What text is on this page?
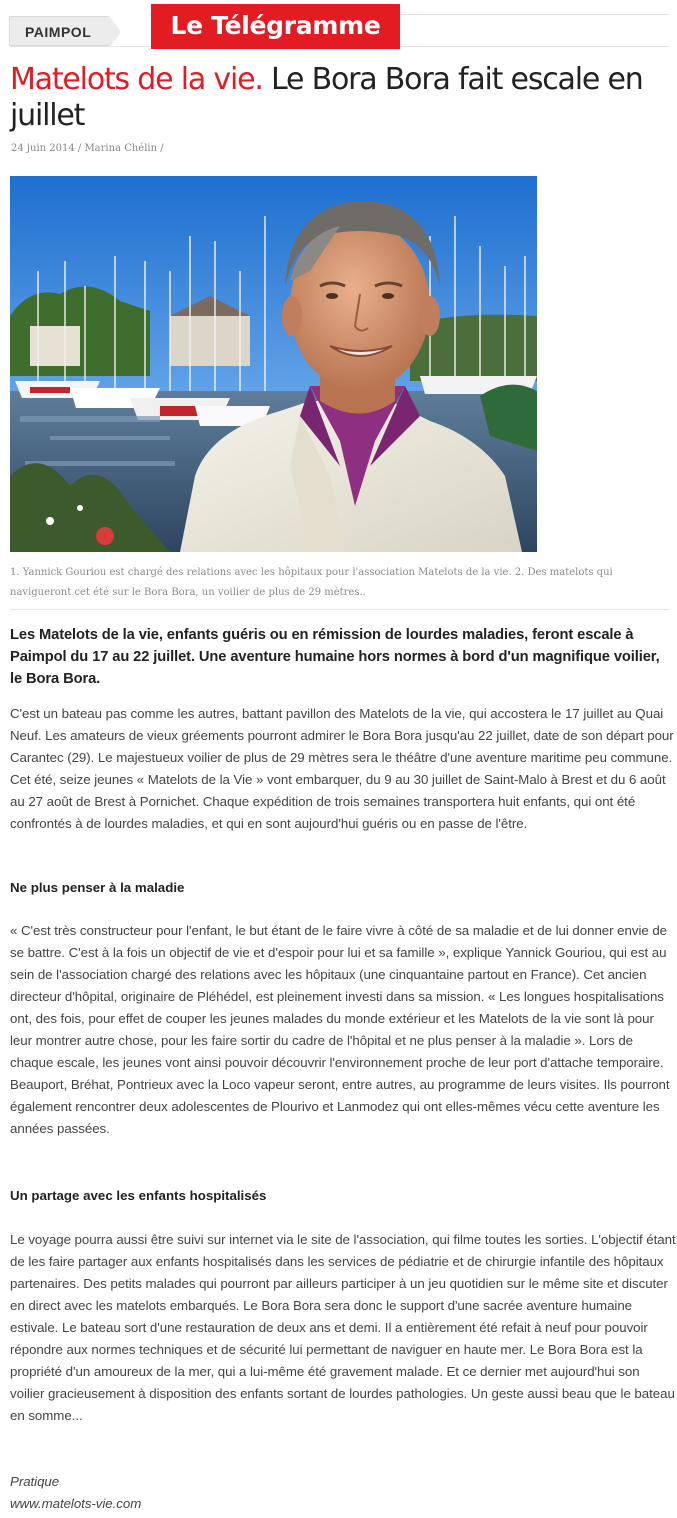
PAIMPOL	Le Télégramme
Matelots de la vie. Le Bora Bora fait escale en juillet
24 juin 2014 / Marina Chélin /

1. Yannick Gouriou est chargé des relations avec les hôpitaux pour l'association Matelots de la vie. 2. Des matelots qui navigueront cet été sur le Bora Bora, un voilier de plus de 29 mètres..

Les Matelots de la vie, enfants guéris ou en rémission de lourdes maladies, feront escale à Paimpol du 17 au 22 juillet. Une aventure humaine hors normes à bord d'un magnifique voilier, le Bora Bora.

C'est un bateau pas comme les autres, battant pavillon des Matelots de la vie, qui accostera le 17 juillet au Quai Neuf. Les amateurs de vieux gréements pourront admirer le Bora Bora jusqu'au 22 juillet, date de son départ pour Carantec (29). Le majestueux voilier de plus de 29 mètres sera le théâtre d'une aventure maritime peu commune. Cet été, seize jeunes « Matelots de la Vie » vont embarquer, du 9 au 30 juillet de Saint-Malo à Brest et du 6 août au 27 août de Brest à Pornichet. Chaque expédition de trois semaines transportera huit enfants, qui ont été confrontés à de lourdes maladies, et qui en sont aujourd'hui guéris ou en passe de l'être.

Ne plus penser à la maladie

« C'est très constructeur pour l'enfant, le but étant de le faire vivre à côté de sa maladie et de lui donner envie de se battre. C'est à la fois un objectif de vie et d'espoir pour lui et sa famille », explique Yannick Gouriou, qui est au sein de l'association chargé des relations avec les hôpitaux (une cinquantaine partout en France). Cet ancien directeur d'hôpital, originaire de Pléhédel, est pleinement investi dans sa mission. « Les longues hospitalisations ont, des fois, pour effet de couper les jeunes malades du monde extérieur et les Matelots de la vie sont là pour leur montrer autre chose, pour les faire sortir du cadre de l'hôpital et ne plus penser à la maladie ». Lors de chaque escale, les jeunes vont ainsi pouvoir découvrir l'environnement proche de leur port d'attache temporaire. Beauport, Bréhat, Pontrieux avec la Loco vapeur seront, entre autres, au programme de leurs visites. Ils pourront également rencontrer deux adolescentes de Plourivo et Lanmodez qui ont elles-mêmes vécu cette aventure les années passées.

Un partage avec les enfants hospitalisés

Le voyage pourra aussi être suivi sur internet via le site de l'association, qui filme toutes les sorties. L'objectif étant de les faire partager aux enfants hospitalisés dans les services de pédiatrie et de chirurgie infantile des hôpitaux partenaires. Des petits malades qui pourront par ailleurs participer à un jeu quotidien sur le même site et discuter en direct avec les matelots embarqués. Le Bora Bora sera donc le support d'une sacrée aventure humaine estivale. Le bateau sort d'une restauration de deux ans et demi. Il a entièrement été refait à neuf pour pouvoir répondre aux normes techniques et de sécurité lui permettant de naviguer en haute mer. Le Bora Bora est la propriété d'un amoureux de la mer, qui a lui-même été gravement malade. Et ce dernier met aujourd'hui son voilier gracieusement à disposition des enfants sortant de lourdes pathologies. Un geste aussi beau que le bateau en somme...

Pratique

www.matelots-vie.com
